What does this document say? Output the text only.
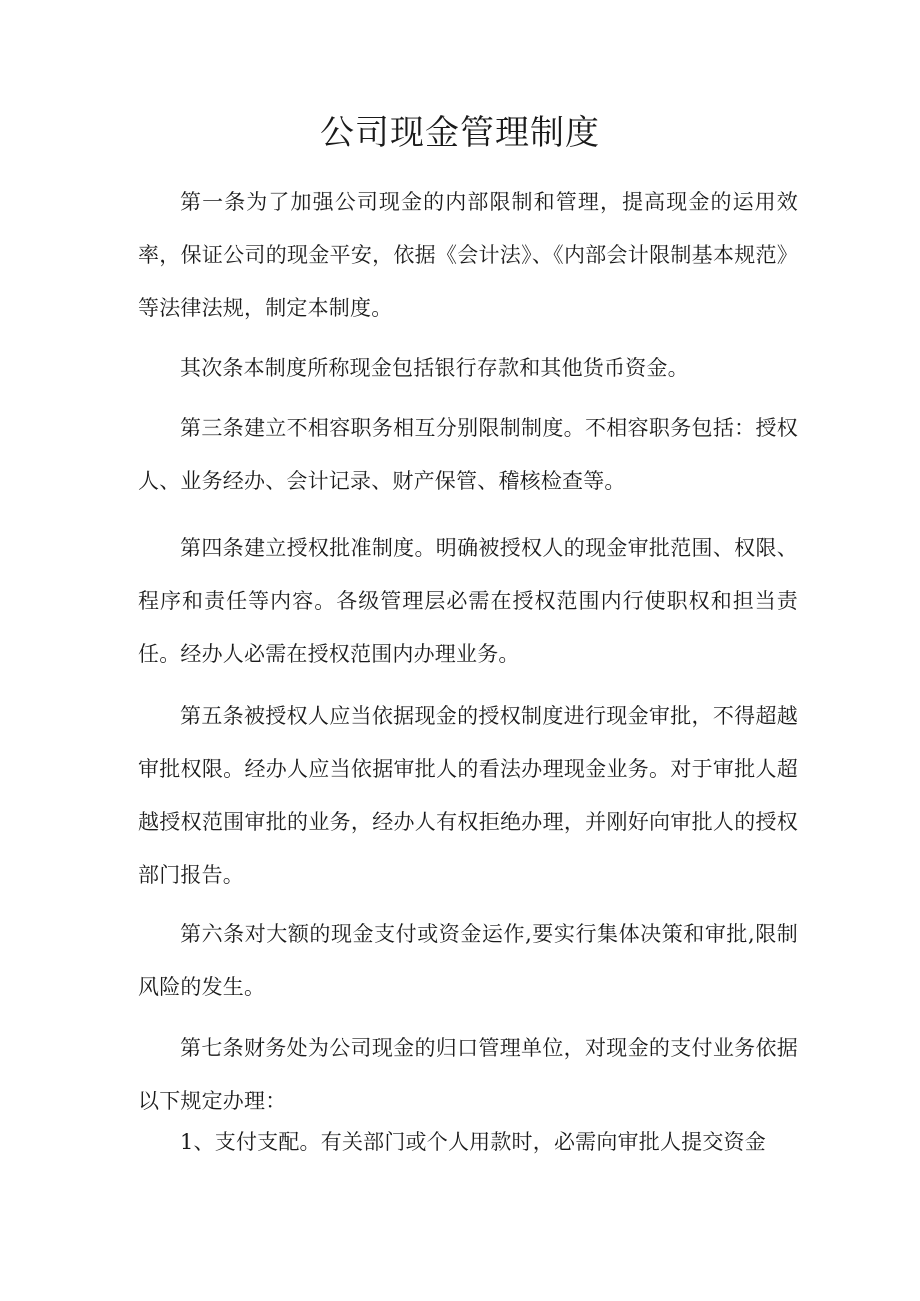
公司现金管理制度

第一条为了加强公司现金的内部限制和管理，提高现金的运用效率，保证公司的现金平安，依据《会计法》、《内部会计限制基本规范》等法律法规，制定本制度。

其次条本制度所称现金包括银行存款和其他货币资金。

第三条建立不相容职务相互分别限制制度。不相容职务包括：授权人、业务经办、会计记录、财产保管、稽核检查等。

第四条建立授权批准制度。明确被授权人的现金审批范围、权限、程序和责任等内容。各级管理层必需在授权范围内行使职权和担当责任。经办人必需在授权范围内办理业务。

第五条被授权人应当依据现金的授权制度进行现金审批，不得超越审批权限。经办人应当依据审批人的看法办理现金业务。对于审批人超越授权范围审批的业务，经办人有权拒绝办理，并刚好向审批人的授权部门报告。

第六条对大额的现金支付或资金运作,要实行集体决策和审批,限制风险的发生。

第七条财务处为公司现金的归口管理单位，对现金的支付业务依据以下规定办理：

1、支付支配。有关部门或个人用款时，必需向审批人提交资金
